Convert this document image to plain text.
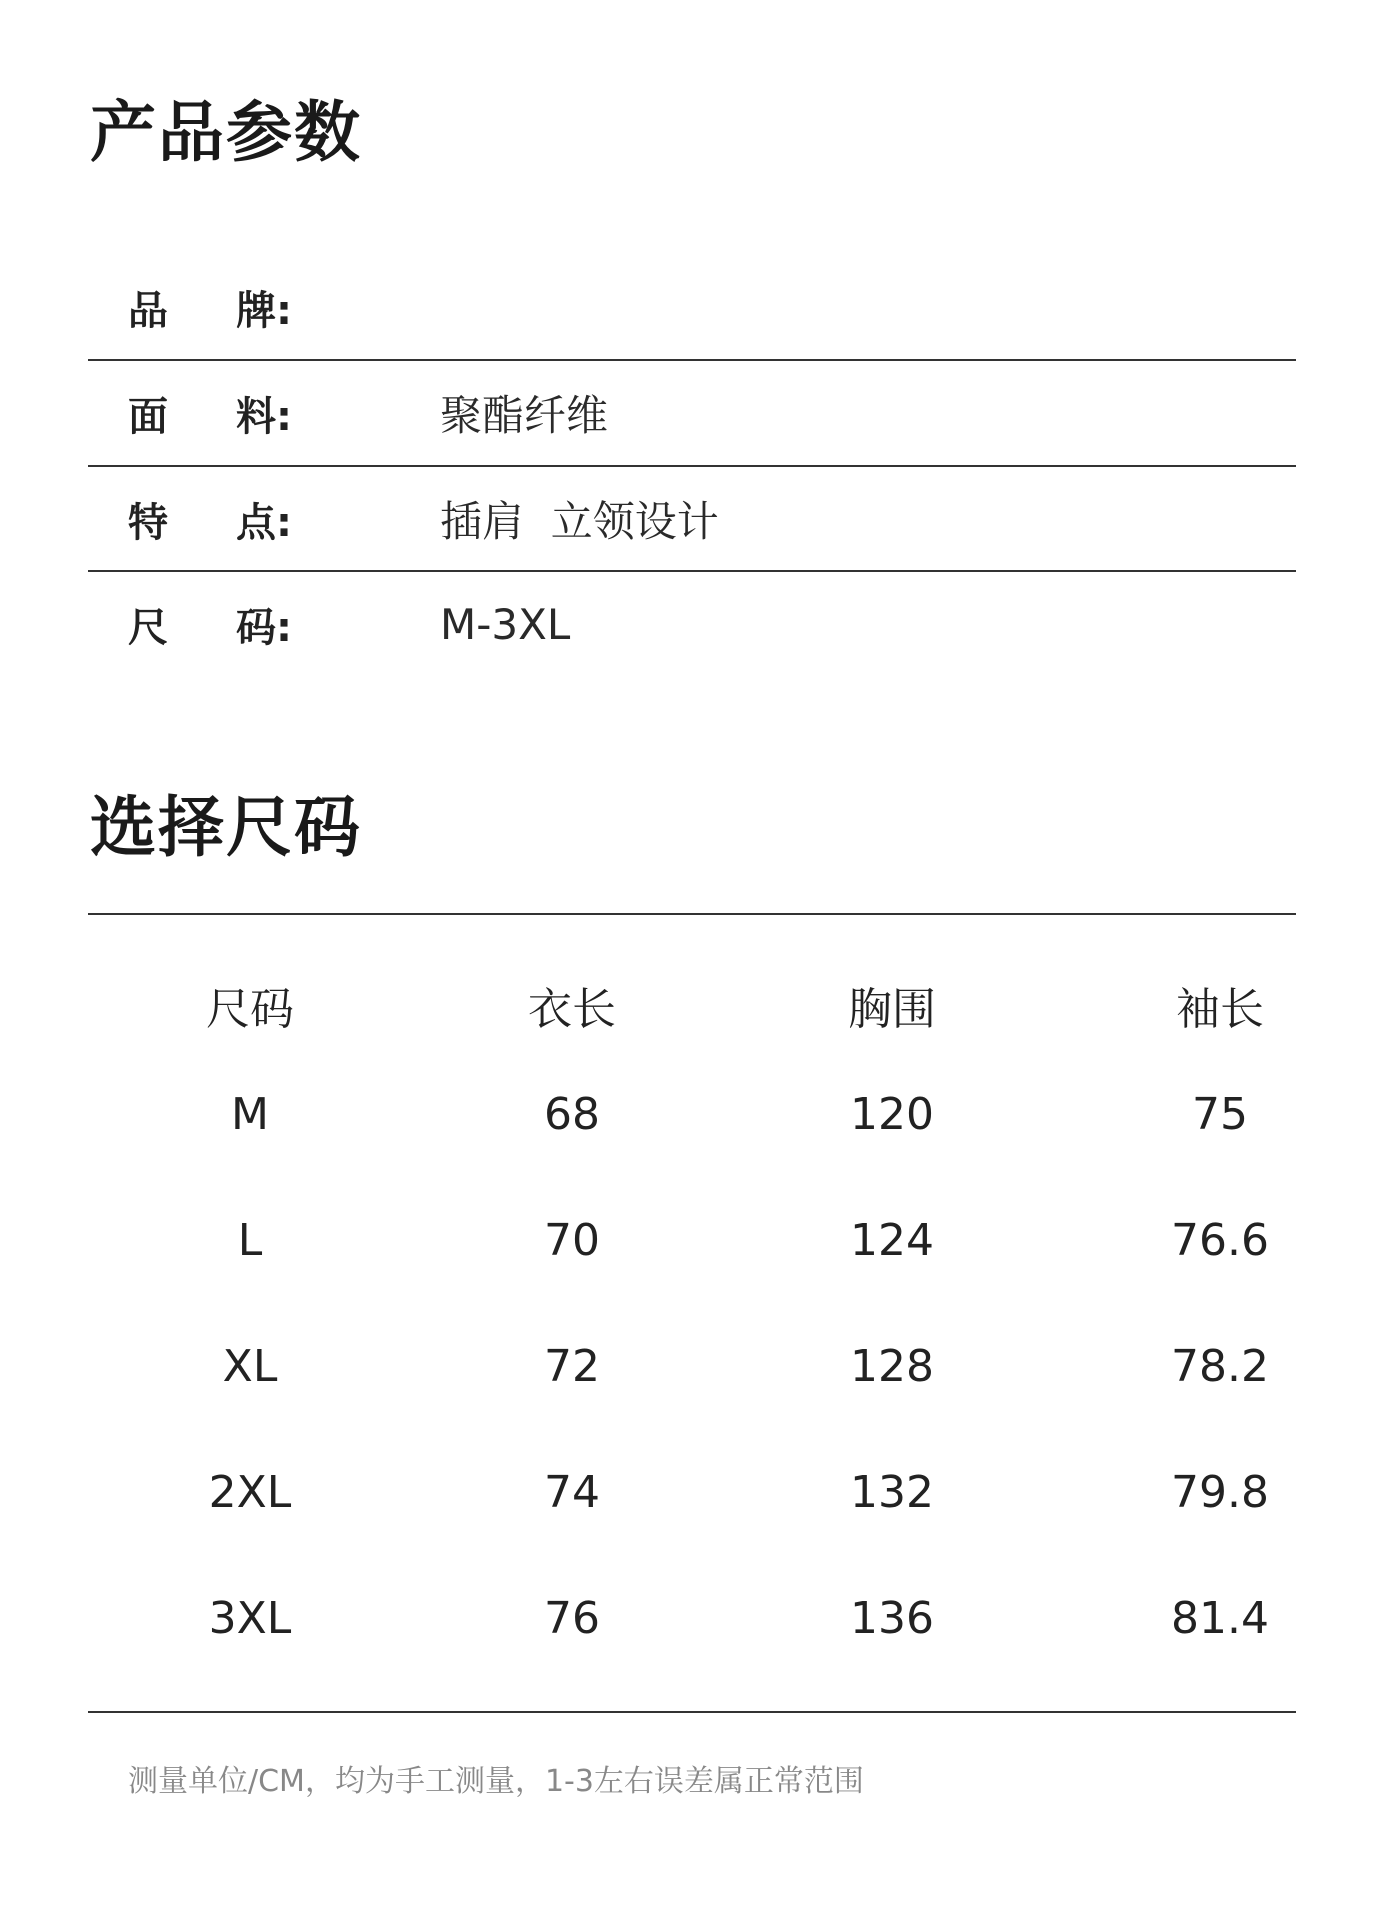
产品参数
品	牌:
面	料:	聚酯纤维
特	点:	插肩  立领设计
尺	码:	M-3XL
选择尺码
尺码	衣长	胸围	袖长
M	68	120	75
L	70	124	76.6
XL	72	128	78.2
2XL	74	132	79.8
3XL	76	136	81.4
测量单位/CM，均为手工测量，1-3左右误差属正常范围
